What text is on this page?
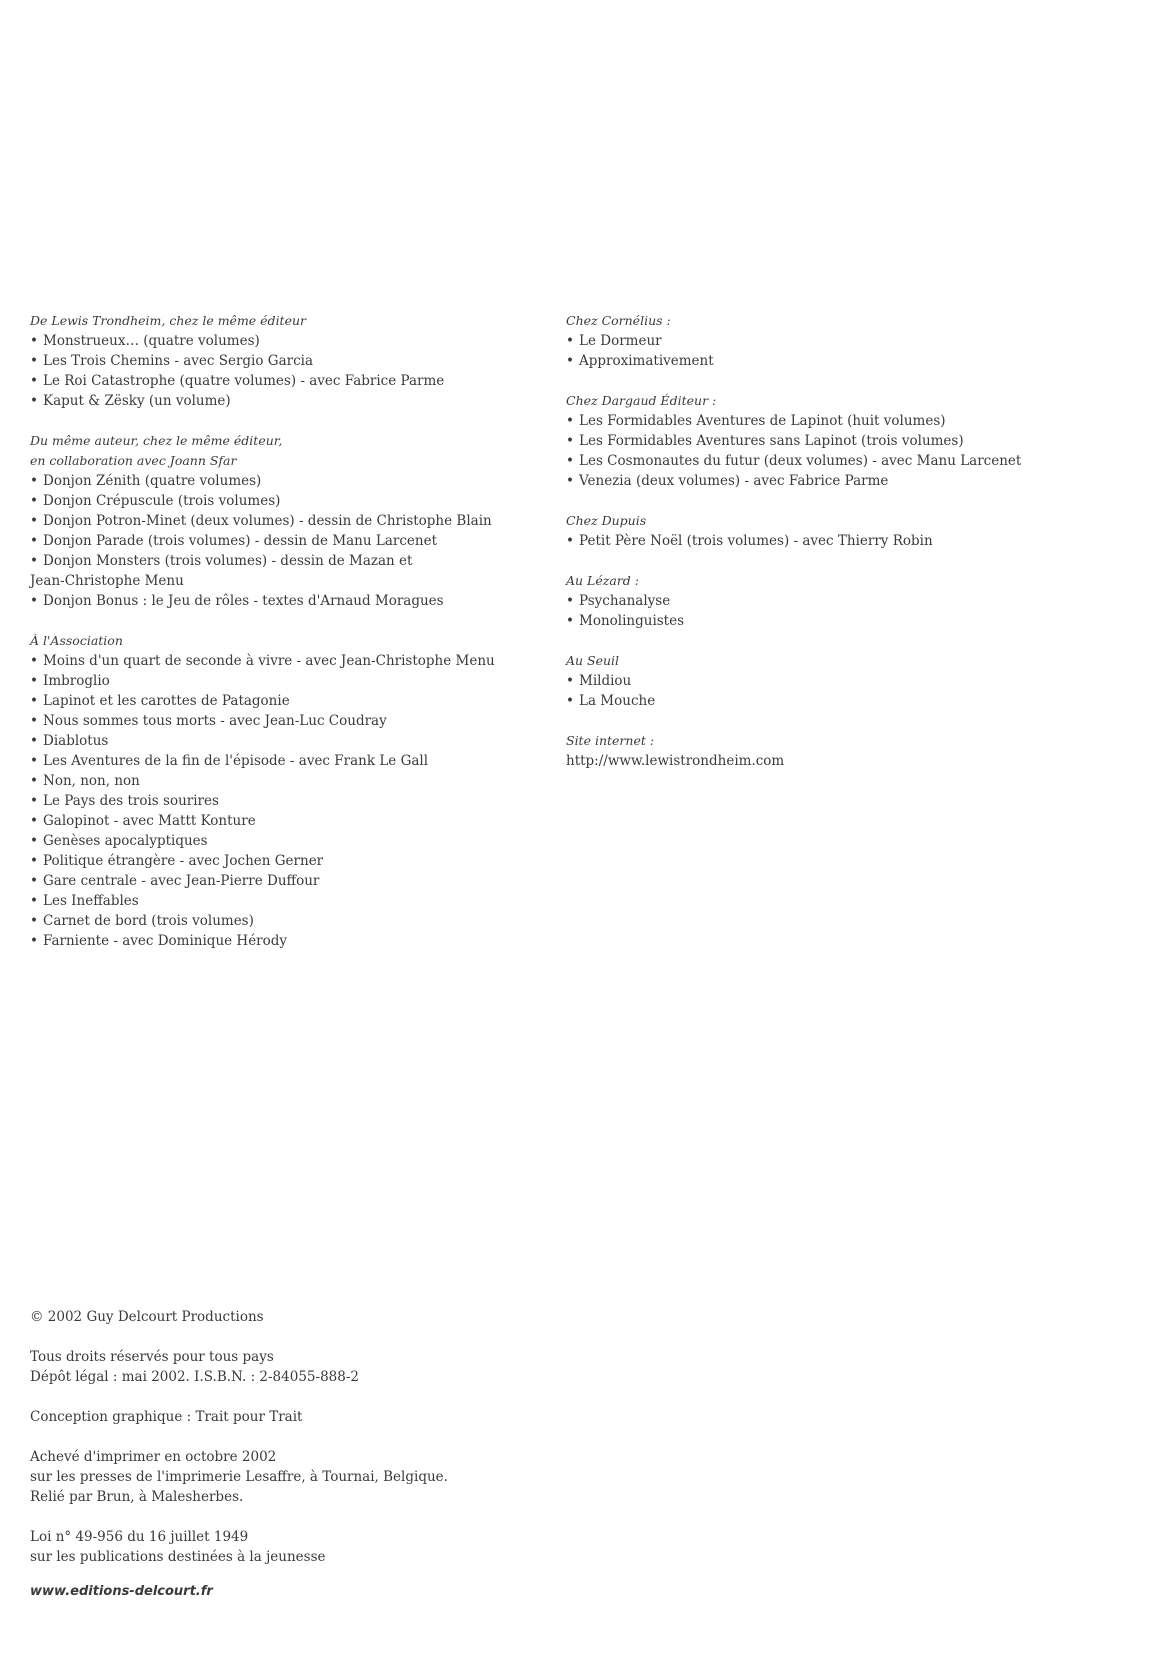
De Lewis Trondheim, chez le même éditeur
• Monstrueux… (quatre volumes)
• Les Trois Chemins - avec Sergio Garcia
• Le Roi Catastrophe (quatre volumes) - avec Fabrice Parme
• Kaput & Zësky (un volume)
Du même auteur, chez le même éditeur,
en collaboration avec Joann Sfar
• Donjon Zénith (quatre volumes)
• Donjon Crépuscule (trois volumes)
• Donjon Potron-Minet (deux volumes) - dessin de Christophe Blain
• Donjon Parade (trois volumes) - dessin de Manu Larcenet
• Donjon Monsters (trois volumes) - dessin de Mazan et
Jean-Christophe Menu
• Donjon Bonus : le Jeu de rôles - textes d'Arnaud Moragues
À l'Association
• Moins d'un quart de seconde à vivre - avec Jean-Christophe Menu
• Imbroglio
• Lapinot et les carottes de Patagonie
• Nous sommes tous morts - avec Jean-Luc Coudray
• Diablotus
• Les Aventures de la fin de l'épisode - avec Frank Le Gall
• Non, non, non
• Le Pays des trois sourires
• Galopinot - avec Mattt Konture
• Genèses apocalyptiques
• Politique étrangère - avec Jochen Gerner
• Gare centrale - avec Jean-Pierre Duffour
• Les Ineffables
• Carnet de bord (trois volumes)
• Farniente - avec Dominique Hérody
Chez Cornélius :
• Le Dormeur
• Approximativement
Chez Dargaud Éditeur :
• Les Formidables Aventures de Lapinot (huit volumes)
• Les Formidables Aventures sans Lapinot (trois volumes)
• Les Cosmonautes du futur (deux volumes) - avec Manu Larcenet
• Venezia (deux volumes) - avec Fabrice Parme
Chez Dupuis
• Petit Père Noël (trois volumes) - avec Thierry Robin
Au Lézard :
• Psychanalyse
• Monolinguistes
Au Seuil
• Mildiou
• La Mouche
Site internet :
http://www.lewistrondheim.com
© 2002 Guy Delcourt Productions
Tous droits réservés pour tous pays
Dépôt légal : mai 2002. I.S.B.N. : 2-84055-888-2
Conception graphique : Trait pour Trait
Achevé d'imprimer en octobre 2002
sur les presses de l'imprimerie Lesaffre, à Tournai, Belgique.
Relié par Brun, à Malesherbes.
Loi n° 49-956 du 16 juillet 1949
sur les publications destinées à la jeunesse
www.editions-delcourt.fr
